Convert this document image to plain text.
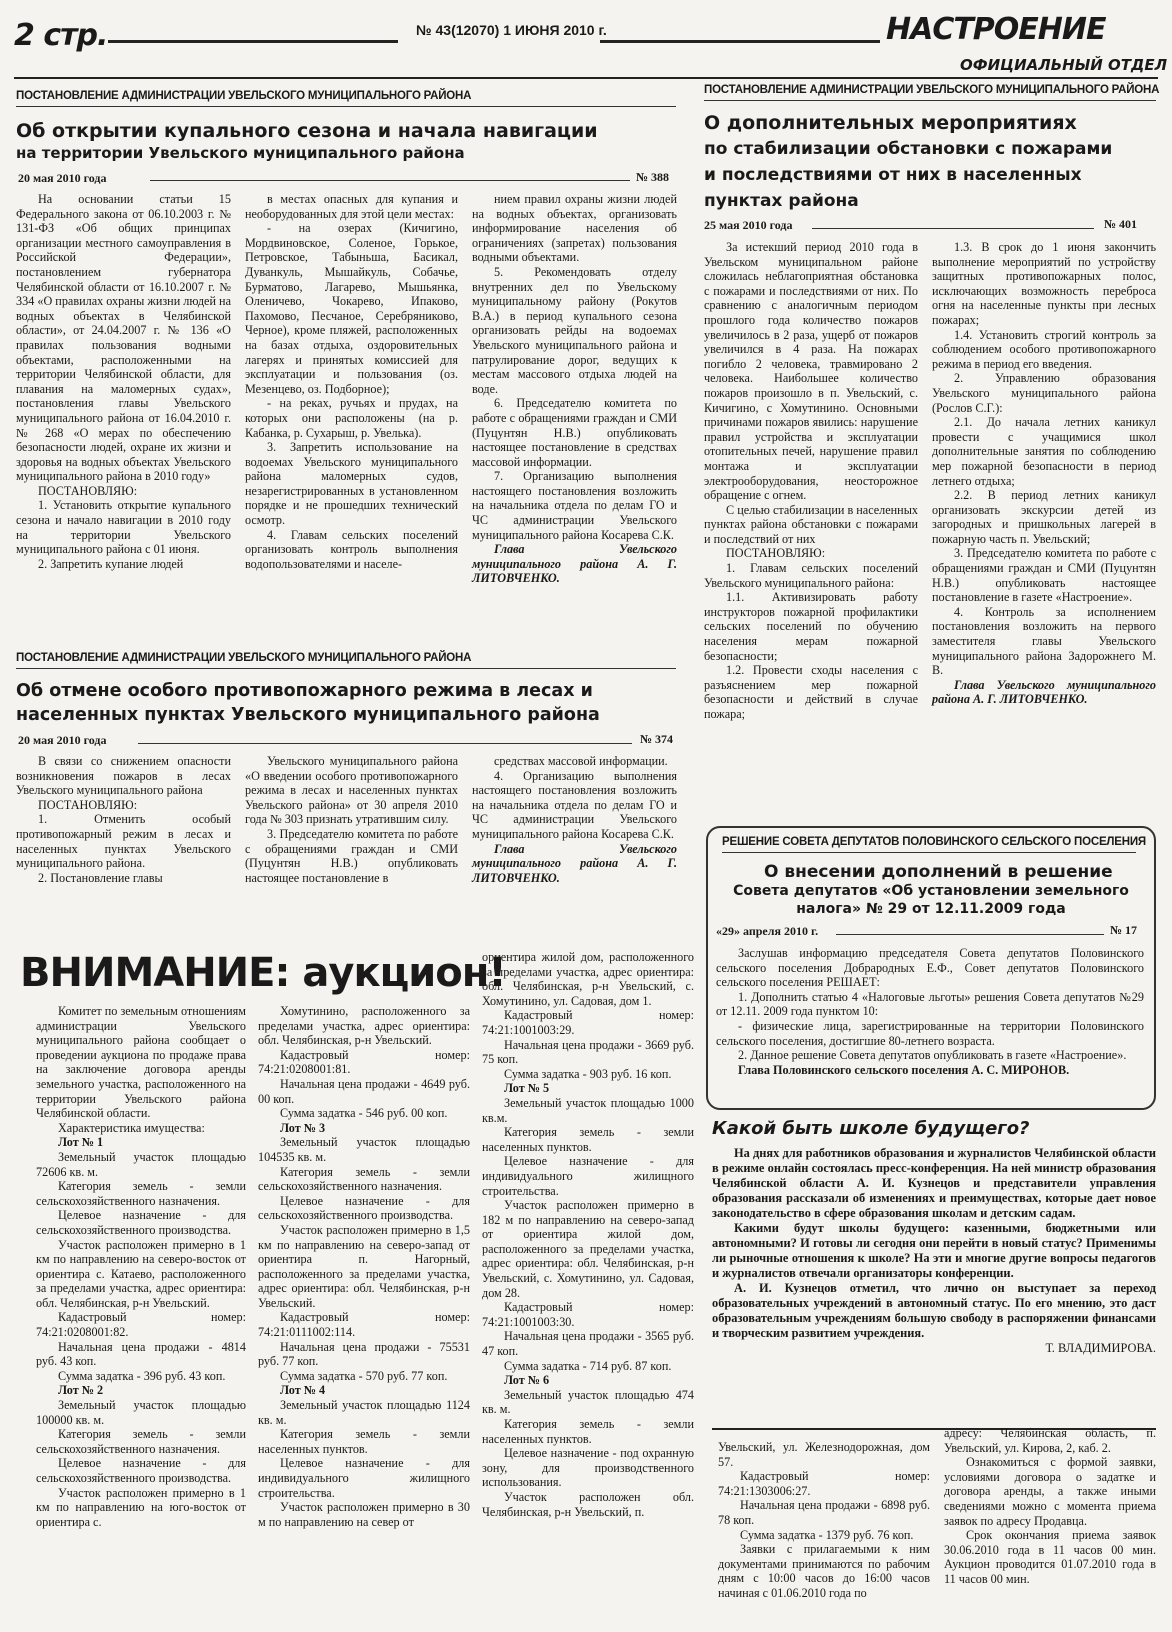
2 стр.	№ 43(12070) 1 ИЮНЯ 2010 г.	НАСТРОЕНИЕ
ОФИЦИАЛЬНЫЙ ОТДЕЛ
ПОСТАНОВЛЕНИЕ АДМИНИСТРАЦИИ УВЕЛЬСКОГО МУНИЦИПАЛЬНОГО РАЙОНА
Об открытии купального сезона и начала навигации
на территории Увельского муниципального района
20 мая 2010 года	№ 388

На основании статьи 15 Федерального закона от 06.10.2003 г. № 131-ФЗ «Об общих принципах организации местного самоуправления в Российской Федерации», постановлением губернатора Челябинской области от 16.10.2007 г. № 334 «О правилах охраны жизни людей на водных объектах в Челябинской области», от 24.04.2007 г. № 136 «О правилах пользования водными объектами, расположенными на территории Челябинской области, для плавания на маломерных судах», постановления главы Увельского муниципального района от 16.04.2010 г. № 268 «О мерах по обеспечению безопасности людей, охране их жизни и здоровья на водных объектах Увельского муниципального района в 2010 году»

ПОСТАНОВЛЯЮ:

1. Установить открытие купального сезона и начало навигации в 2010 году на территории Увельского муниципального района с 01 июня.

2. Запретить купание людей

в местах опасных для купания и необорудованных для этой цели местах:

- на озерах (Кичигино, Мордвиновское, Соленое, Горькое, Петровское, Табыньша, Басикал, Дуванкуль, Мышайкуль, Собачье, Бурматово, Лагарево, Мышьянка, Оленичево, Чокарево, Ипаково, Пахомово, Песчаное, Серебряниково, Черное), кроме пляжей, расположенных на базах отдыха, оздоровительных лагерях и принятых комиссией для эксплуатации и пользования (оз. Мезенцево, оз. Подборное);

- на реках, ручьях и прудах, на которых они расположены (на р. Кабанка, р. Сухарыш, р. Увелька).

3. Запретить использование на водоемах Увельского муниципального района маломерных судов, незарегистрированных в установленном порядке и не прошедших технический осмотр.

4. Главам сельских поселений организовать контроль выполнения водопользователями и населе-

нием правил охраны жизни людей на водных объектах, организовать информирование населения об ограничениях (запретах) пользования водными объектами.

5. Рекомендовать отделу внутренних дел по Увельскому муниципальному району (Рокутов В.А.) в период купального сезона организовать рейды на водоемах Увельского муниципального района и патрулирование дорог, ведущих к местам массового отдыха людей на воде.

6. Председателю комитета по работе с обращениями граждан и СМИ (Пуцунтян Н.В.) опубликовать настоящее постановление в средствах массовой информации.

7. Организацию выполнения настоящего постановления возложить на начальника отдела по делам ГО и ЧС администрации Увельского муниципального района Косарева С.К.

Глава Увельского муниципального района А. Г. ЛИТОВЧЕНКО.

ПОСТАНОВЛЕНИЕ АДМИНИСТРАЦИИ УВЕЛЬСКОГО МУНИЦИПАЛЬНОГО РАЙОНА
О дополнительных мероприятиях
по стабилизации обстановки с пожарами
и последствиями от них в населенных
пунктах района
25 мая 2010 года	№ 401

За истекший период 2010 года в Увельском муниципальном районе сложилась неблагоприятная обстановка с пожарами и последствиями от них. По сравнению с аналогичным периодом прошлого года количество пожаров увеличилось в 2 раза, ущерб от пожаров увеличился в 4 раза. На пожарах погибло 2 человека, травмировано 2 человека. Наибольшее количество пожаров произошло в п. Увельский, с. Кичигино, с Хомутинино. Основными причинами пожаров явились: нарушение правил устройства и эксплуатации отопительных печей, нарушение правил монтажа и эксплуатации электрооборудования, неосторожное обращение с огнем.

С целью стабилизации в населенных пунктах района обстановки с пожарами и последствий от них

ПОСТАНОВЛЯЮ:

1. Главам сельских поселений Увельского муниципального района:

1.1. Активизировать работу инструкторов пожарной профилактики сельских поселений по обучению населения мерам пожарной безопасности;

1.2. Провести сходы населения с разъяснением мер пожарной безопасности и действий в случае пожара;

1.3. В срок до 1 июня закончить выполнение мероприятий по устройству защитных противопожарных полос, исключающих возможность переброса огня на населенные пункты при лесных пожарах;

1.4. Установить строгий контроль за соблюдением особого противопожарного режима в период его введения.

2. Управлению образования Увельского муниципального района (Рослов С.Г.):

2.1. До начала летних каникул провести с учащимися школ дополнительные занятия по соблюдению мер пожарной безопасности в период летнего отдыха;

2.2. В период летних каникул организовать экскурсии детей из загородных и пришкольных лагерей в пожарную часть п. Увельский;

3. Председателю комитета по работе с обращениями граждан и СМИ (Пуцунтян Н.В.) опубликовать настоящее постановление в газете «Настроение».

4. Контроль за исполнением постановления возложить на первого заместителя главы Увельского муниципального района Задорожнего М. В.

Глава Увельского муниципального района А. Г. ЛИТОВЧЕНКО.

ПОСТАНОВЛЕНИЕ АДМИНИСТРАЦИИ УВЕЛЬСКОГО МУНИЦИПАЛЬНОГО РАЙОНА
Об отмене особого противопожарного режима в лесах и
населенных пунктах Увельского муниципального района
20 мая 2010 года	№ 374

В связи со снижением опасности возникновения пожаров в лесах Увельского муниципального района

ПОСТАНОВЛЯЮ:

1. Отменить особый противопожарный режим в лесах и населенных пунктах Увельского муниципального района.

2. Постановление главы

Увельского муниципального района «О введении особого противопожарного режима в лесах и населенных пунктах Увельского района» от 30 апреля 2010 года № 303 признать утратившим силу.

3. Председателю комитета по работе с обращениями граждан и СМИ (Пуцунтян Н.В.) опубликовать настоящее постановление в

средствах массовой информации.

4. Организацию выполнения настоящего постановления возложить на начальника отдела по делам ГО и ЧС администрации Увельского муниципального района Косарева С.К.

Глава Увельского муниципального района А. Г. ЛИТОВЧЕНКО.

РЕШЕНИЕ СОВЕТА ДЕПУТАТОВ ПОЛОВИНСКОГО СЕЛЬСКОГО ПОСЕЛЕНИЯ
О внесении дополнений в решение
Совета депутатов «Об установлении земельного налога» № 29 от 12.11.2009 года
«29» апреля 2010 г.	№ 17

Заслушав информацию председателя Совета депутатов Половинского сельского поселения Добрародных Е.Ф., Совет депутатов Половинского сельского поселения РЕШАЕТ:

1. Дополнить статью 4 «Налоговые льготы» решения Совета депутатов №29 от 12.11. 2009 года пунктом 10:

- физические лица, зарегистрированные на территории Половинского сельского поселения, достигшие 80-летнего возраста.

2. Данное решение Совета депутатов опубликовать в газете «Настроение».

Глава Половинского сельского поселения А. С. МИРОНОВ.

ВНИМАНИЕ: аукцион!

Комитет по земельным отношениям администрации Увельского муниципального района сообщает о проведении аукциона по продаже права на заключение договора аренды земельного участка, расположенного на территории Увельского района Челябинской области.

Характеристика имущества:

Лот № 1

Земельный участок площадью 72606 кв. м.

Категория земель - земли сельскохозяйственного назначения.

Целевое назначение - для сельскохозяйственного производства.

Участок расположен примерно в 1 км по направлению на северо-восток от ориентира с. Катаево, расположенного за пределами участка, адрес ориентира: обл. Челябинская, р-н Увельский.

Кадастровый номер: 74:21:0208001:82.

Начальная цена продажи - 4814 руб. 43 коп.

Сумма задатка - 396 руб. 43 коп.

Лот № 2

Земельный участок площадью 100000 кв. м.

Категория земель - земли сельскохозяйственного назначения.

Целевое назначение - для сельскохозяйственного производства.

Участок расположен примерно в 1 км по направлению на юго-восток от ориентира с.

Хомутинино, расположенного за пределами участка, адрес ориентира: обл. Челябинская, р-н Увельский.

Кадастровый номер: 74:21:0208001:81.

Начальная цена продажи - 4649 руб. 00 коп.

Сумма задатка - 546 руб. 00 коп.

Лот № 3

Земельный участок площадью 104535 кв. м.

Категория земель - земли сельскохозяйственного назначения.

Целевое назначение - для сельскохозяйственного производства.

Участок расположен примерно в 1,5 км по направлению на северо-запад от ориентира п. Нагорный, расположенного за пределами участка, адрес ориентира: обл. Челябинская, р-н Увельский.

Кадастровый номер: 74:21:0111002:114.

Начальная цена продажи - 75531 руб. 77 коп.

Сумма задатка - 570 руб. 77 коп.

Лот № 4

Земельный участок площадью 1124 кв. м.

Категория земель - земли населенных пунктов.

Целевое назначение - для индивидуального жилищного строительства.

Участок расположен примерно в 30 м по направлению на север от

ориентира жилой дом, расположенного за пределами участка, адрес ориентира: обл. Челябинская, р-н Увельский, с. Хомутинино, ул. Садовая, дом 1.

Кадастровый номер: 74:21:1001003:29.

Начальная цена продажи - 3669 руб. 75 коп.

Сумма задатка - 903 руб. 16 коп.

Лот № 5

Земельный участок площадью 1000 кв.м.

Категория земель - земли населенных пунктов.

Целевое назначение - для индивидуального жилищного строительства.

Участок расположен примерно в 182 м по направлению на северо-запад от ориентира жилой дом, расположенного за пределами участка, адрес ориентира: обл. Челябинская, р-н Увельский, с. Хомутинино, ул. Садовая, дом 28.

Кадастровый номер: 74:21:1001003:30.

Начальная цена продажи - 3565 руб. 47 коп.

Сумма задатка - 714 руб. 87 коп.

Лот № 6

Земельный участок площадью 474 кв. м.

Категория земель - земли населенных пунктов.

Целевое назначение - под охранную зону, для производственного использования.

Участок расположен обл. Челябинская, р-н Увельский, п.

Какой быть школе будущего?

На днях для работников образования и журналистов Челябинской области в режиме онлайн состоялась пресс-конференция. На ней министр образования Челябинской области А. И. Кузнецов и представители управления образования рассказали об изменениях и преимуществах, которые дает новое законодательство в сфере образования школам и детским садам.

Какими будут школы будущего: казенными, бюджетными или автономными? И готовы ли сегодня они перейти в новый статус? Применимы ли рыночные отношения к школе? На эти и многие другие вопросы педагогов и журналистов отвечали организаторы конференции.

А. И. Кузнецов отметил, что лично он выступает за переход образовательных учреждений в автономный статус. По его мнению, это даст образовательным учреждениям большую свободу в распоряжении финансами и творческим развитием учреждения.

Т. ВЛАДИМИРОВА.

Увельский, ул. Железнодорожная, дом 57.

Кадастровый номер: 74:21:1303006:27.

Начальная цена продажи - 6898 руб. 78 коп.

Сумма задатка - 1379 руб. 76 коп.

Заявки с прилагаемыми к ним документами принимаются по рабочим дням с 10:00 часов до 16:00 часов начиная с 01.06.2010 года по

адресу: Челябинская область, п. Увельский, ул. Кирова, 2, каб. 2.

Ознакомиться с формой заявки, условиями договора о задатке и договора аренды, а также иными сведениями можно с момента приема заявок по адресу Продавца.

Срок окончания приема заявок 30.06.2010 года в 11 часов 00 мин. Аукцион проводится 01.07.2010 года в 11 часов 00 мин.
